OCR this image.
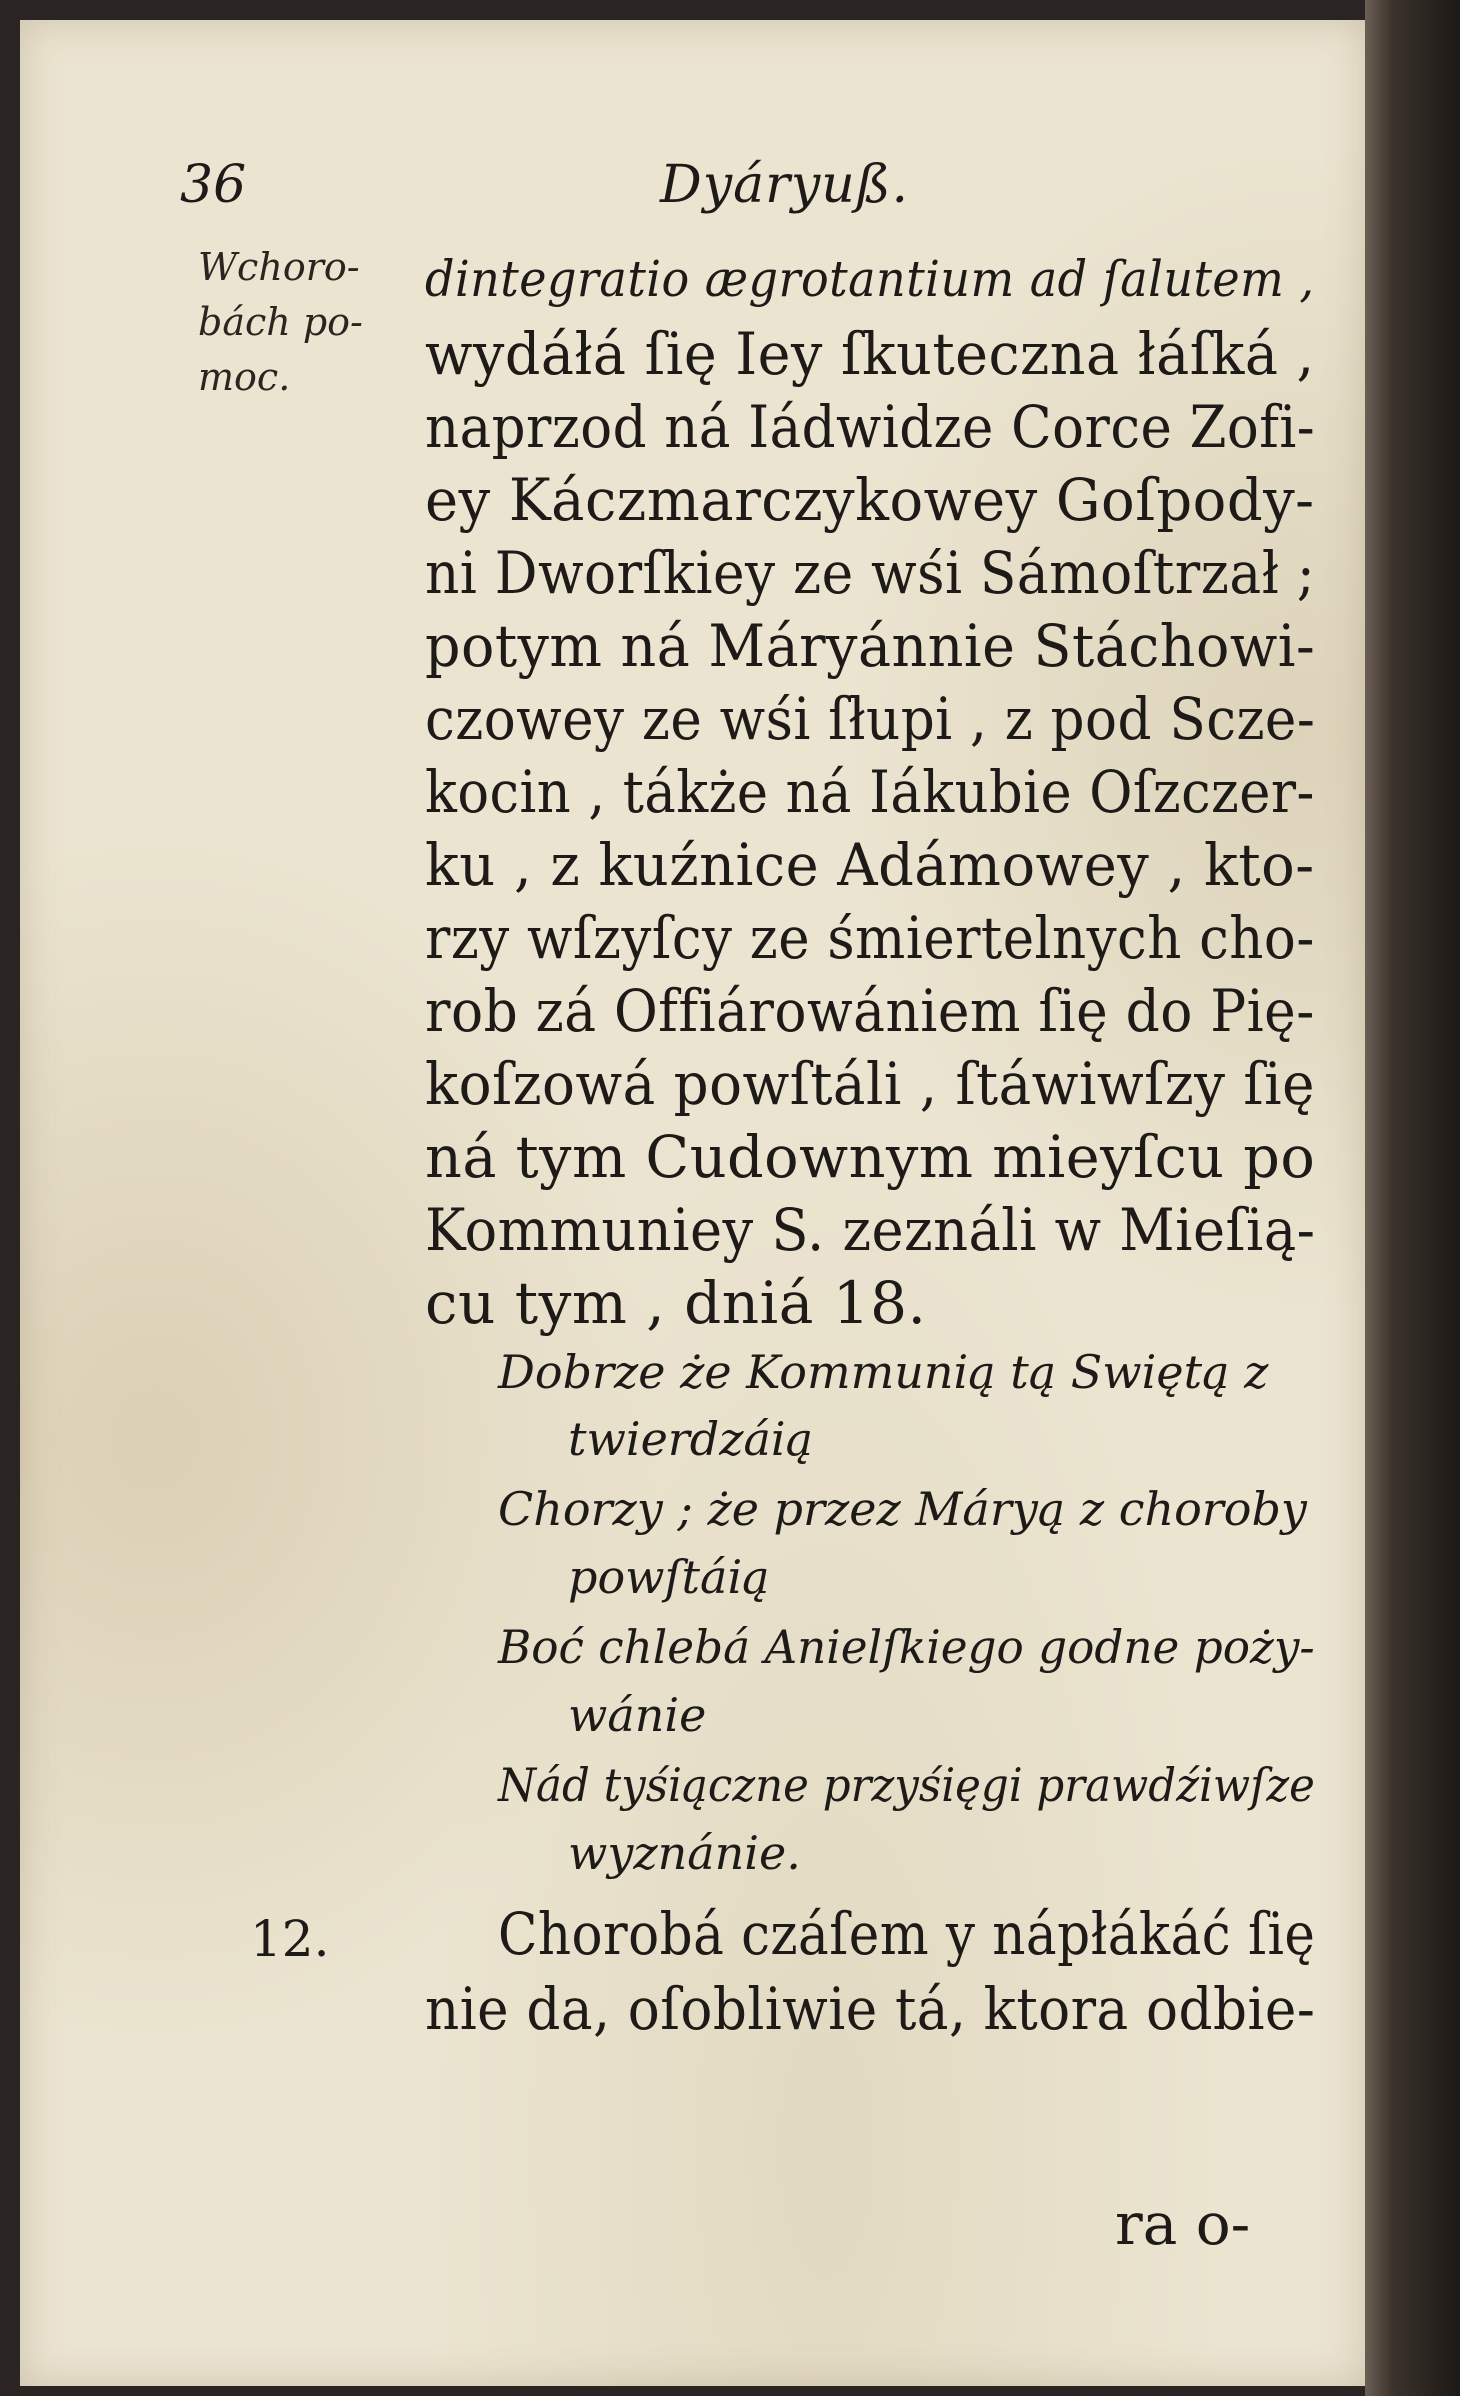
36	Dyáryuß.
Wchoro-
bách po-
moc.
dintegratio ægrotantium ad ſalutem ,
wydáłá ſię Iey ſkuteczna łáſká ,
naprzod ná Iádwidze Corce Zofi-
ey Káczmarczykowey Goſpody-
ni Dworſkiey ze wśi Sámoſtrzał ;
potym ná Máryánnie Stáchowi-
czowey ze wśi ſłupi , z pod Scze-
kocin , tákże ná Iákubie Oſzczer-
ku , z kuźnice Adámowey , kto-
rzy wſzyſcy ze śmiertelnych cho-
rob zá Offiárowániem ſię do Pię-
koſzowá powſtáli , ſtáwiwſzy ſię
ná tym Cudownym mieyſcu po
Kommuniey S. zeználi w Mieſią-
cu tym , dniá 18.
Dobrze że Kommunią tą Swiętą z
twierdzáią
Chorzy ; że przez Máryą z choroby
powſtáią
Boć chlebá Anielſkiego godne poży-
wánie
Nád tyśiączne przyśięgi prawdźiwſze
wyznánie.
12.	Chorobá czáſem y nápłákáć ſię
nie da, oſobliwie tá, ktora odbie-
ra o-
